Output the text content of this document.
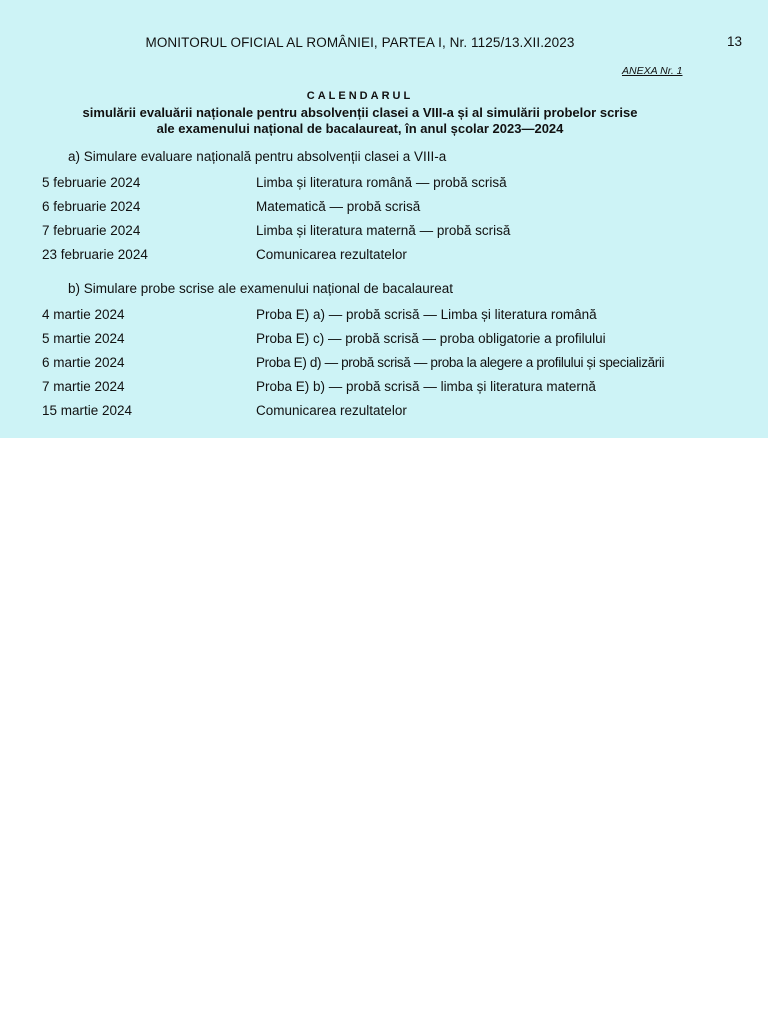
MONITORUL OFICIAL AL ROMÂNIEI, PARTEA I, Nr. 1125/13.XII.2023	13
ANEXA Nr. 1
CALENDARUL
simulării evaluării naționale pentru absolvenții clasei a VIII-a și al simulării probelor scrise
ale examenului național de bacalaureat, în anul școlar 2023—2024
a) Simulare evaluare națională pentru absolvenții clasei a VIII-a
5 februarie 2024	Limba și literatura română — probă scrisă
6 februarie 2024	Matematică — probă scrisă
7 februarie 2024	Limba și literatura maternă — probă scrisă
23 februarie 2024	Comunicarea rezultatelor
b) Simulare probe scrise ale examenului național de bacalaureat
4 martie 2024	Proba E) a) — probă scrisă — Limba și literatura română
5 martie 2024	Proba E) c) — probă scrisă — proba obligatorie a profilului
6 martie 2024	Proba E) d) — probă scrisă — proba la alegere a profilului și specializării
7 martie 2024	Proba E) b) — probă scrisă — limba și literatura maternă
15 martie 2024	Comunicarea rezultatelor
